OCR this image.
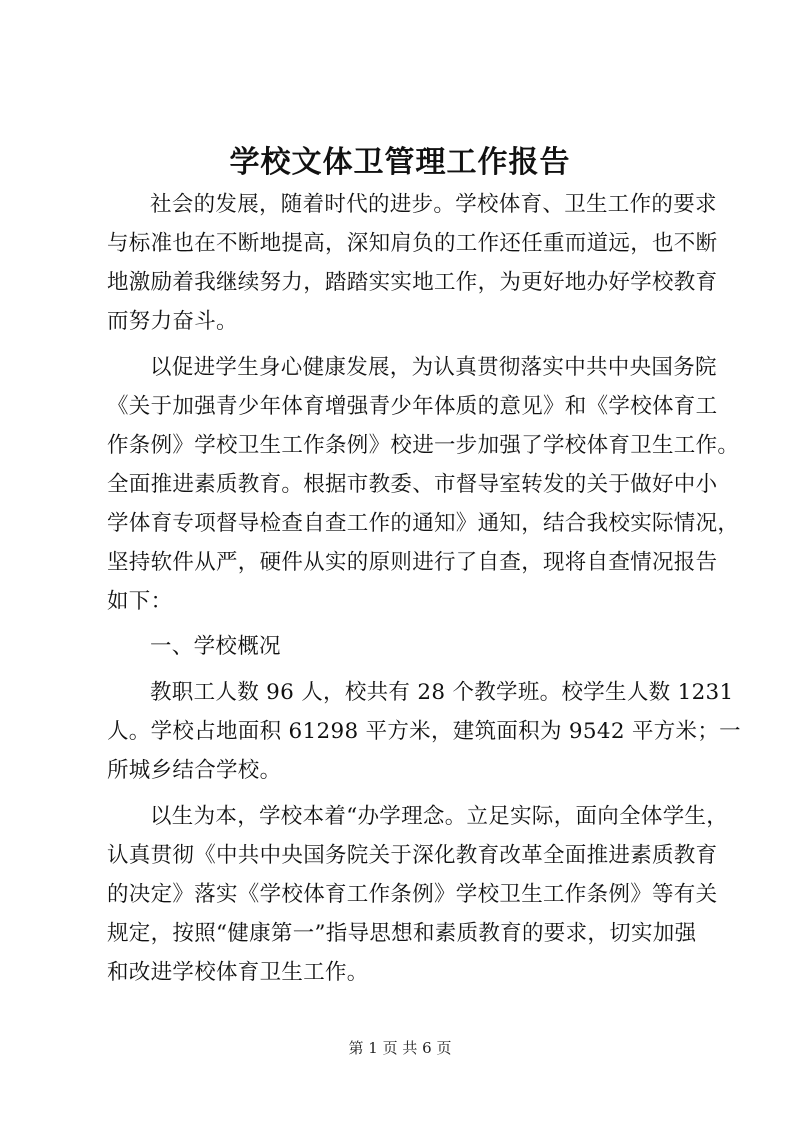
学校文体卫管理工作报告

社会的发展，随着时代的进步。学校体育、卫生工作的要求

与标准也在不断地提高，深知肩负的工作还任重而道远，也不断

地激励着我继续努力，踏踏实实地工作，为更好地办好学校教育

而努力奋斗。

以促进学生身心健康发展，为认真贯彻落实中共中央国务院

《关于加强青少年体育增强青少年体质的意见》和《学校体育工

作条例》学校卫生工作条例》校进一步加强了学校体育卫生工作。

全面推进素质教育。根据市教委、市督导室转发的关于做好中小

学体育专项督导检查自查工作的通知》通知，结合我校实际情况，

坚持软件从严，硬件从实的原则进行了自查，现将自查情况报告

如下：

一、学校概况

教职工人数 96 人，校共有 28 个教学班。校学生人数 1231

人。学校占地面积 61298 平方米，建筑面积为 9542 平方米；一

所城乡结合学校。

以生为本，学校本着“办学理念。立足实际，面向全体学生，

认真贯彻《中共中央国务院关于深化教育改革全面推进素质教育

的决定》落实《学校体育工作条例》学校卫生工作条例》等有关

规定，按照“健康第一”指导思想和素质教育的要求，切实加强

和改进学校体育卫生工作。

第 1 页 共 6 页
